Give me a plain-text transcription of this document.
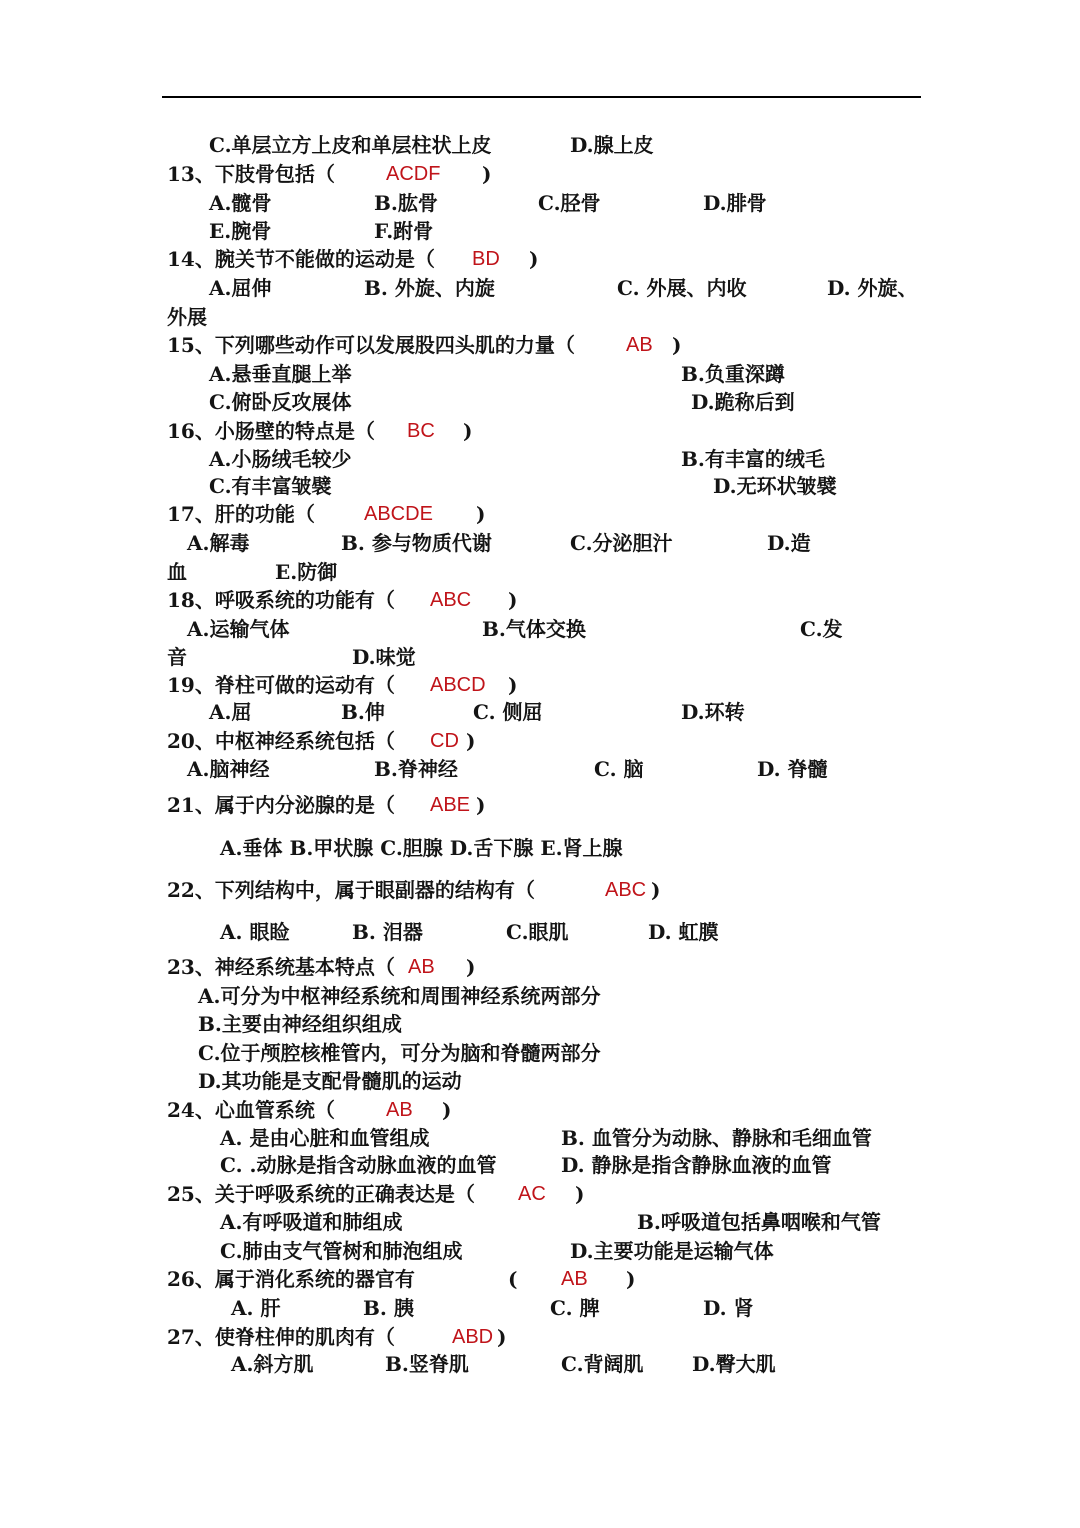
C.单层立方上皮和单层柱状上皮	D.腺上皮
13、下肢骨包括（	ACDF )
A.髋骨	B.肱骨	C.胫骨	D.腓骨
E.腕骨	F.跗骨
14、腕关节不能做的运动是（ BD )
A.屈伸	B. 外旋、内旋	C. 外展、内收	D. 外旋、
外展
15、下列哪些动作可以发展股四头肌的力量（	AB )
A.悬垂直腿上举	B.负重深蹲
C.俯卧反攻展体	D.跪称后到
16、小肠壁的特点是（ BC )
A.小肠绒毛较少	B.有丰富的绒毛
C.有丰富皱襞	D.无环状皱襞
17、肝的功能（ ABCDE )
A.解毒	B. 参与物质代谢	C.分泌胆汁	D.造
血	E.防御
18、呼吸系统的功能有（ ABC )
A.运输气体	B.气体交换	C.发
音	D.味觉
19、脊柱可做的运动有（ ABCD )
A.屈	B.伸	C. 侧屈	D.环转
20、中枢神经系统包括（ CD )
A.脑神经	B.脊神经	C. 脑	D. 脊髓
21、属于内分泌腺的是（ ABE )
A.垂体 B.甲状腺 C.胆腺 D.舌下腺 E.肾上腺
22、下列结构中，属于眼副器的结构有（	ABC )
A. 眼睑	B. 泪器	C.眼肌	D. 虹膜
23、神经系统基本特点（ AB )
A.可分为中枢神经系统和周围神经系统两部分
B.主要由神经组织组成
C.位于颅腔核椎管内，可分为脑和脊髓两部分
D.其功能是支配骨髓肌的运动
24、心血管系统（	AB )
A. 是由心脏和血管组成	B. 血管分为动脉、静脉和毛细血管
C. .动脉是指含动脉血液的血管	D. 静脉是指含静脉血液的血管
25、关于呼吸系统的正确表达是（ AC )
A.有呼吸道和肺组成	B.呼吸道包括鼻咽喉和气管
C.肺由支气管树和肺泡组成	D.主要功能是运输气体
26、属于消化系统的器官有	( AB )
A. 肝	B. 胰	C. 脾	D. 肾
27、使脊柱伸的肌肉有（	ABD )
A.斜方肌	B.竖脊肌	C.背阔肌 D.臀大肌
